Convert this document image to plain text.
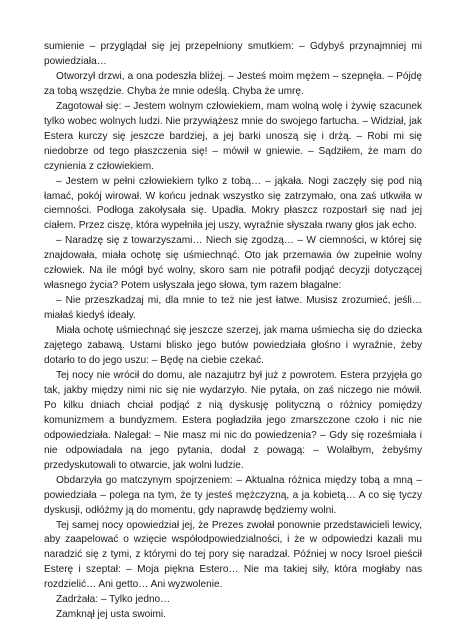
sumienie – przyglądał się jej przepełniony smutkiem: – Gdybyś przynajmniej mi powiedziała…

Otworzył drzwi, a ona podeszła bliżej. – Jesteś moim mężem – szepnęła. – Pójdę za tobą wszędzie. Chyba że mnie odeślą. Chyba że umrę.

Zagotował się: – Jestem wolnym człowiekiem, mam wolną wolę i żywię szacunek tylko wobec wolnych ludzi. Nie przywiążesz mnie do swojego fartucha. – Widział, jak Estera kurczy się jeszcze bardziej, a jej barki unoszą się i drżą. – Robi mi się niedobrze od tego płaszczenia się! – mówił w gniewie. – Sądziłem, że mam do czynienia z człowiekiem.

– Jestem w pełni człowiekiem tylko z tobą… – jąkała. Nogi zaczęły się pod nią łamać, pokój wirował. W końcu jednak wszystko się zatrzymało, ona zaś utkwiła w ciemności. Podłoga zakołysała się. Upadła. Mokry płaszcz rozpostarł się nad jej ciałem. Przez ciszę, która wypełniła jej uszy, wyraźnie słyszała rwany głos jak echo.

– Naradzę się z towarzyszami… Niech się zgodzą… – W ciemności, w której się znajdowała, miała ochotę się uśmiechnąć. Oto jak przemawia ów zupełnie wolny człowiek. Na ile mógł być wolny, skoro sam nie potrafił podjąć decyzji dotyczącej własnego życia? Potem usłyszała jego słowa, tym razem błagalne:

– Nie przeszkadzaj mi, dla mnie to też nie jest łatwe. Musisz zrozumieć, jeśli… miałaś kiedyś ideały.

Miała ochotę uśmiechnąć się jeszcze szerzej, jak mama uśmiecha się do dziecka zajętego zabawą. Ustami blisko jego butów powiedziała głośno i wyraźnie, żeby dotarło to do jego uszu: – Będę na ciebie czekać.

Tej nocy nie wrócił do domu, ale nazajutrz był już z powrotem. Estera przyjęła go tak, jakby między nimi nic się nie wydarzyło. Nie pytała, on zaś niczego nie mówił. Po kilku dniach chciał podjąć z nią dyskusję polityczną o różnicy pomiędzy komunizmem a bundyzmem. Estera pogładziła jego zmarszczone czoło i nic nie odpowiedziała. Nalegał: – Nie masz mi nic do powiedzenia? – Gdy się roześmiała i nie odpowiadała na jego pytania, dodał z powagą: – Wolałbym, żebyśmy przedyskutowali to otwarcie, jak wolni ludzie.

Obdarzyła go matczynym spojrzeniem: – Aktualna różnica między tobą a mną – powiedziała – polega na tym, że ty jesteś mężczyzną, a ja kobietą… A co się tyczy dyskusji, odłóżmy ją do momentu, gdy naprawdę będziemy wolni.

Tej samej nocy opowiedział jej, że Prezes zwołał ponownie przedstawicieli lewicy, aby zaapelować o wzięcie współodpowiedzialności, i że w odpowiedzi kazali mu naradzić się z tymi, z którymi do tej pory się naradzał. Później w nocy Isroel pieścił Esterę i szeptał: – Moja piękna Estero… Nie ma takiej siły, która mogłaby nas rozdzielić… Ani getto… Ani wyzwolenie.

Zadrżała: – Tylko jedno…

Zamknął jej usta swoimi.
